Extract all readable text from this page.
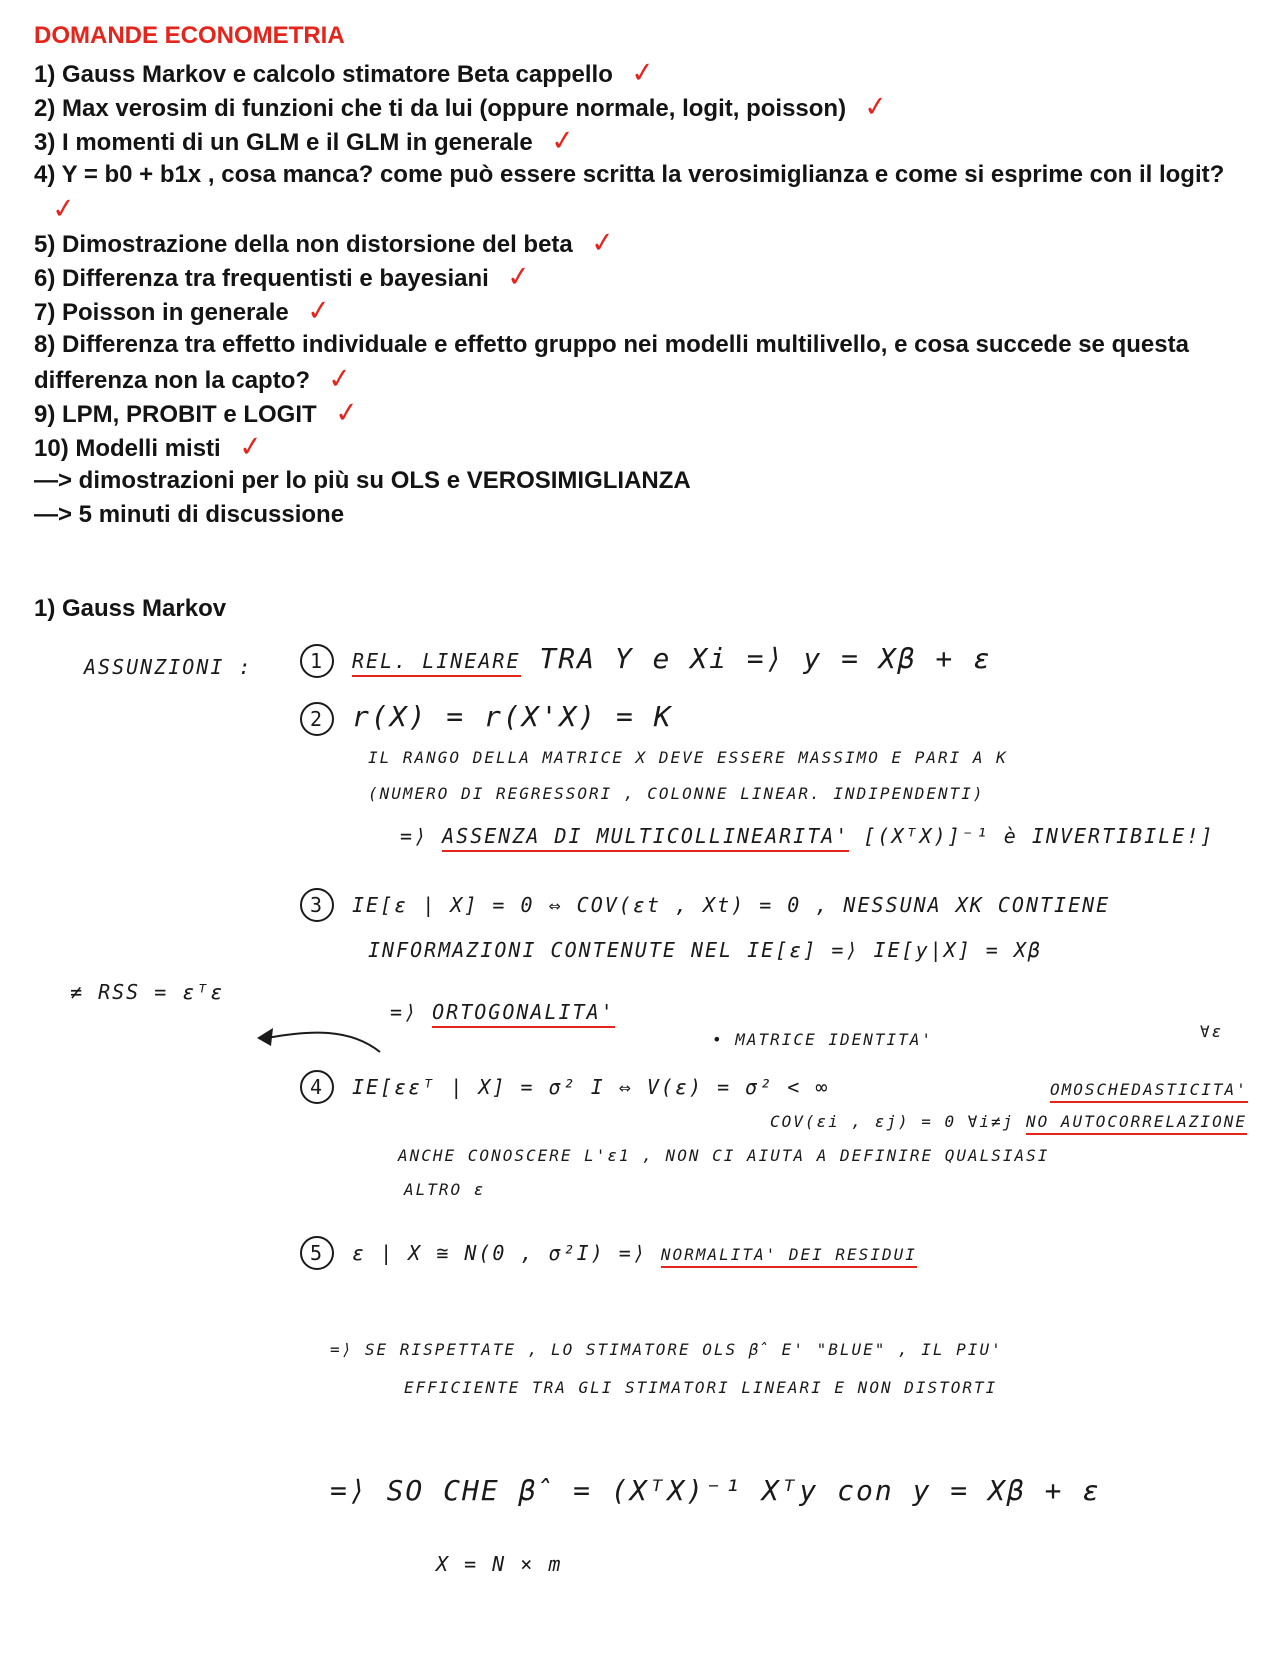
DOMANDE ECONOMETRIA
1) Gauss Markov e calcolo stimatore Beta cappello ✓
2) Max verosim di funzioni che ti da lui (oppure normale, logit, poisson) ✓
3) I momenti di un GLM e il GLM in generale ✓
4) Y = b0 + b1x , cosa manca? come può essere scritta la verosimiglianza e come si esprime con il logit?✓
5) Dimostrazione della non distorsione del beta ✓
6) Differenza tra frequentisti e bayesiani ✓
7) Poisson in generale ✓
8) Differenza tra effetto individuale e effetto gruppo nei modelli multilivello, e cosa succede se questa differenza non la capto? ✓
9) LPM, PROBIT e LOGIT ✓
10) Modelli misti ✓
—> dimostrazioni per lo più su OLS e VEROSIMIGLIANZA
—> 5 minuti di discussione
1) Gauss Markov
ASSUNZIONI :	1 REL. LINEARE TRA Y e Xi =⟩ y = Xβ + ε
2 r(X) = r(X'X) = K
IL RANGO DELLA MATRICE X DEVE ESSERE MASSIMO E PARI A K
(NUMERO DI REGRESSORI , COLONNE LINEAR. INDIPENDENTI)
=⟩ ASSENZA DI MULTICOLLINEARITA' [(XᵀX)]⁻¹ è INVERTIBILE!]
3 IE[ε | X] = 0 ⇔ COV(εt , Xt) = 0 , NESSUNA XK CONTIENE
INFORMAZIONI CONTENUTE NEL IE[ε] =⟩ IE[y|X] = Xβ
≠ RSS = εᵀε
=⟩ ORTOGONALITA'
• MATRICE IDENTITA'	∀ε
4 IE[εεᵀ | X] = σ² I ⇔ V(ε) = σ² < ∞	OMOSCHEDASTICITA'
COV(εi , εj) = 0 ∀i≠j NO AUTOCORRELAZIONE
ANCHE CONOSCERE L'ε1 , NON CI AIUTA A DEFINIRE QUALSIASI
ALTRO ε
5 ε | X ≅ N(0 , σ²I) =⟩ NORMALITA' DEI RESIDUI
=⟩ SE RISPETTATE , LO STIMATORE OLS β̂ E' "BLUE" , IL PIU'
EFFICIENTE TRA GLI STIMATORI LINEARI E NON DISTORTI
=⟩ SO CHE β̂ = (XᵀX)⁻¹ Xᵀy con y = Xβ + ε
X = N × m
